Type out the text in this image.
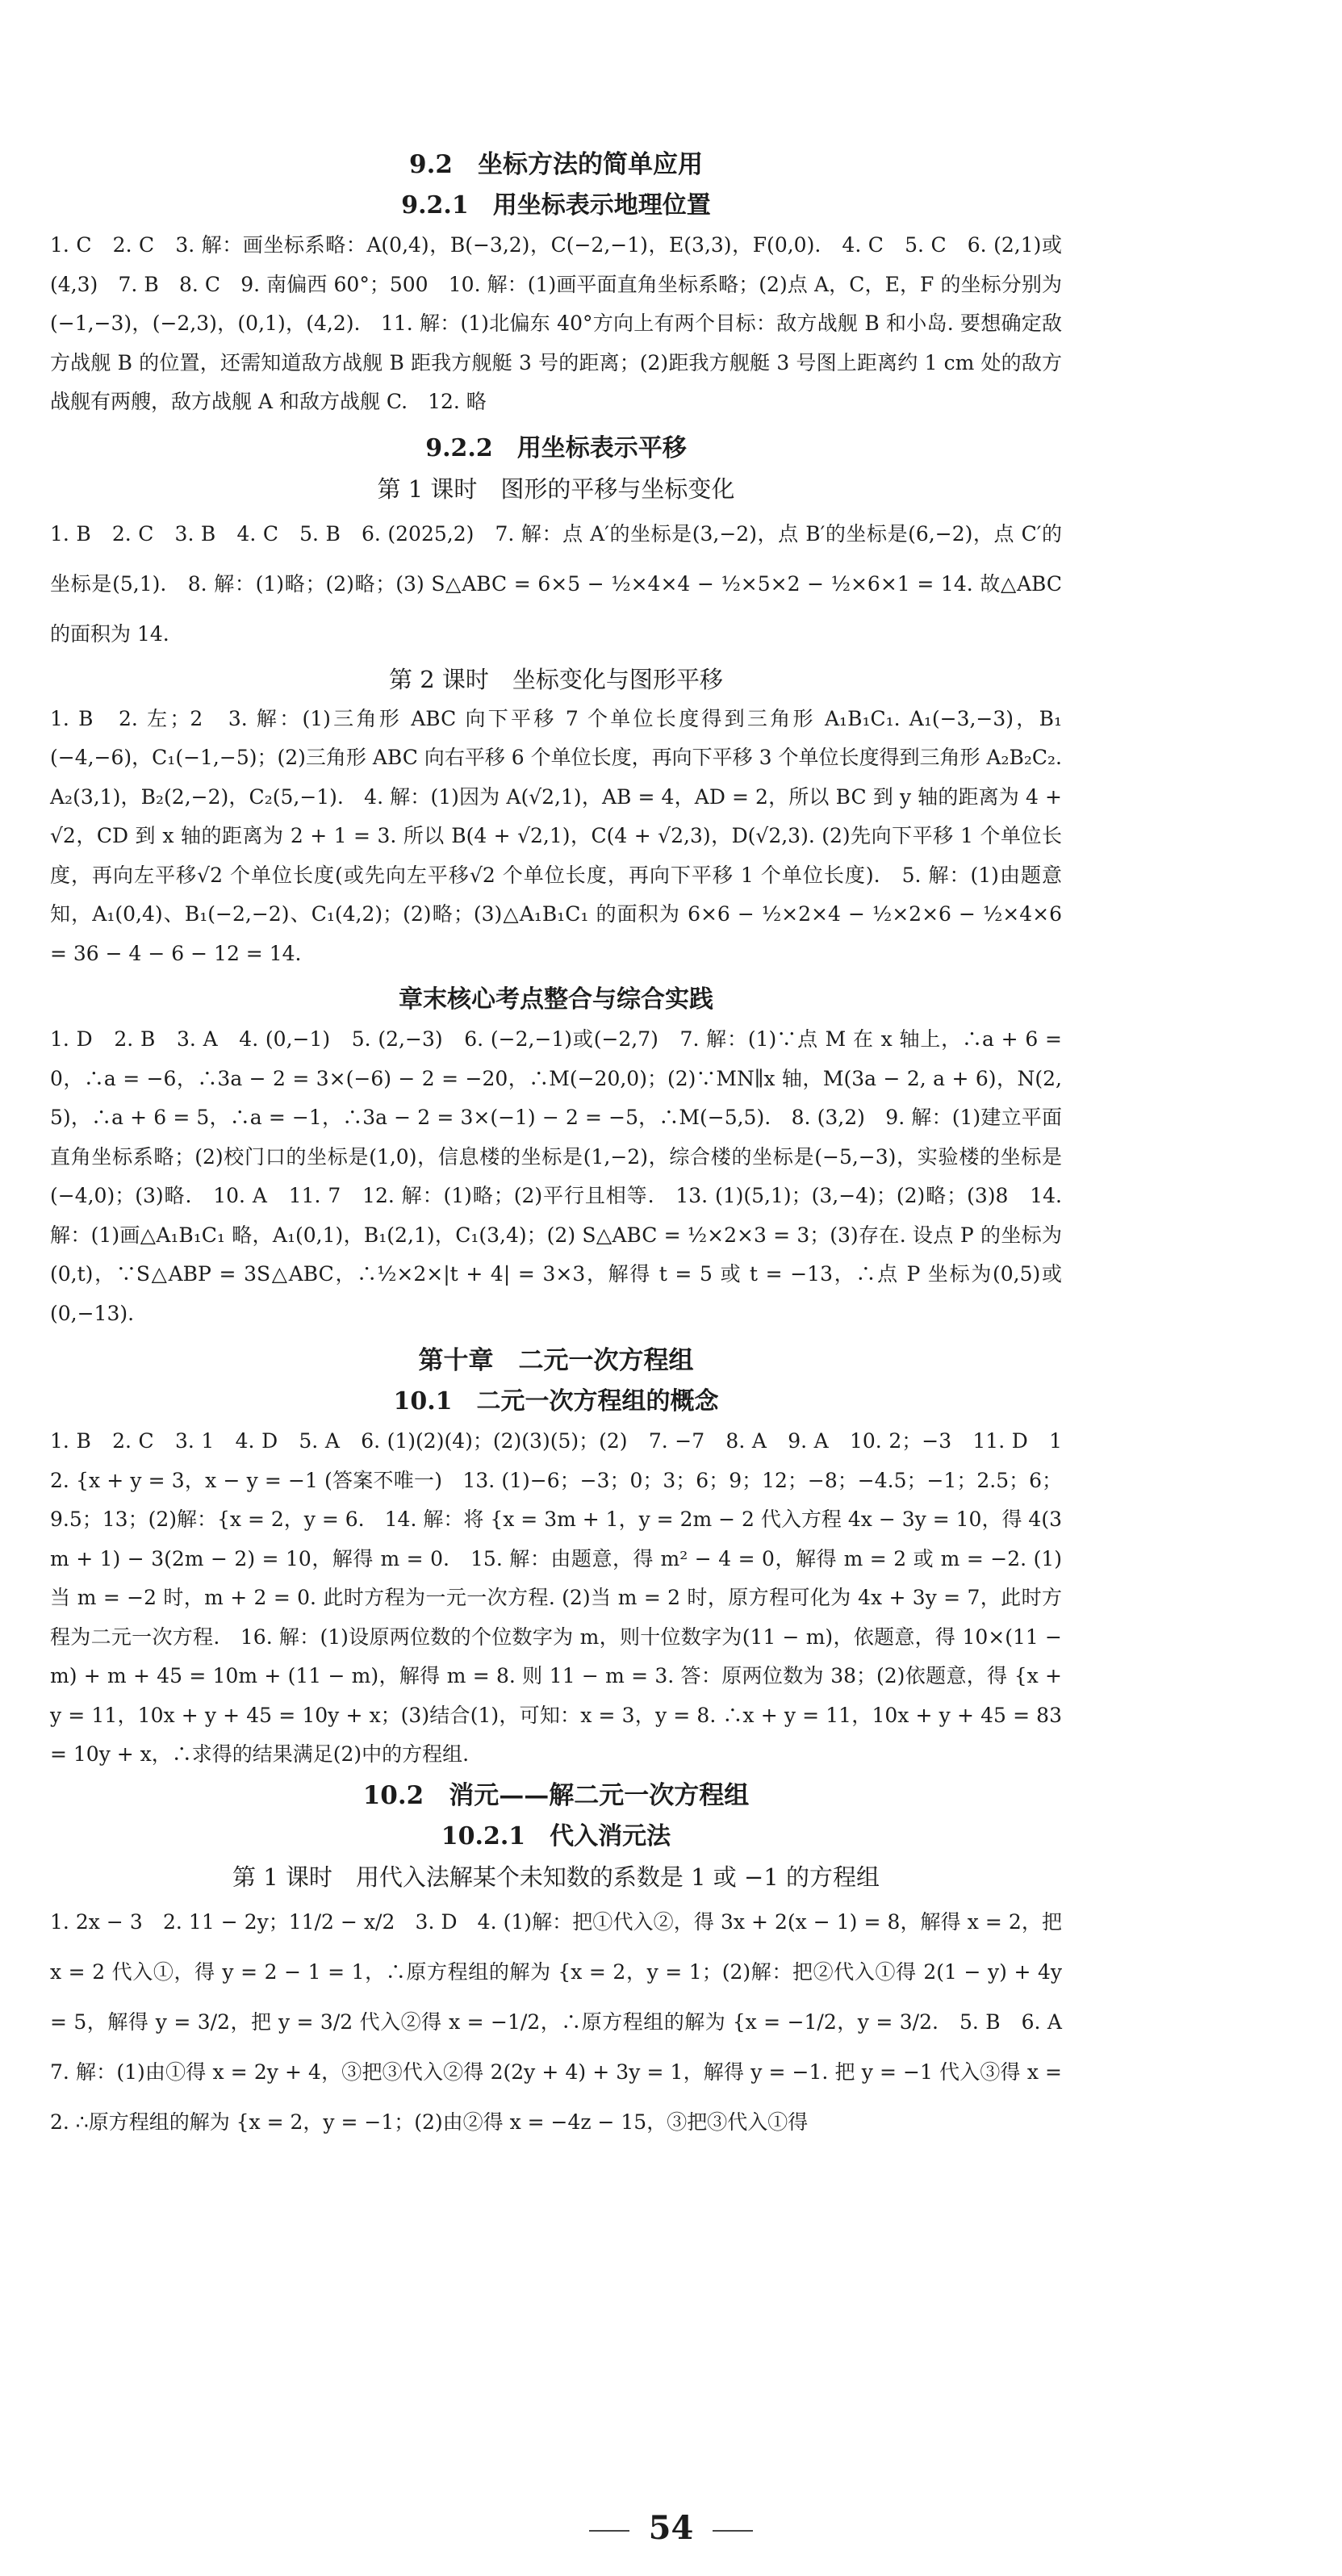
9.2　坐标方法的简单应用
9.2.1　用坐标表示地理位置
1. C　2. C　3. 解：画坐标系略：A(0,4)，B(−3,2)，C(−2,−1)，E(3,3)，F(0,0).　4. C　5. C　6. (2,1)或(4,3)　7. B　8. C　9. 南偏西 60°；500　10. 解：(1)画平面直角坐标系略；(2)点 A，C，E，F 的坐标分别为(−1,−3)，(−2,3)，(0,1)，(4,2).　11. 解：(1)北偏东 40°方向上有两个目标：敌方战舰 B 和小岛. 要想确定敌方战舰 B 的位置，还需知道敌方战舰 B 距我方舰艇 3 号的距离；(2)距我方舰艇 3 号图上距离约 1 cm 处的敌方战舰有两艘，敌方战舰 A 和敌方战舰 C.　12. 略
9.2.2　用坐标表示平移
第 1 课时　图形的平移与坐标变化
1. B　2. C　3. B　4. C　5. B　6. (2025,2)　7. 解：点 A′的坐标是(3,−2)，点 B′的坐标是(6,−2)，点 C′的坐标是(5,1).　8. 解：(1)略；(2)略；(3) S△ABC = 6×5 − ½×4×4 − ½×5×2 − ½×6×1 = 14. 故△ABC 的面积为 14.
第 2 课时　坐标变化与图形平移
1. B　2. 左；2　3. 解：(1)三角形 ABC 向下平移 7 个单位长度得到三角形 A₁B₁C₁. A₁(−3,−3)，B₁(−4,−6)，C₁(−1,−5)；(2)三角形 ABC 向右平移 6 个单位长度，再向下平移 3 个单位长度得到三角形 A₂B₂C₂. A₂(3,1)，B₂(2,−2)，C₂(5,−1).　4. 解：(1)因为 A(√2,1)，AB = 4，AD = 2，所以 BC 到 y 轴的距离为 4 + √2，CD 到 x 轴的距离为 2 + 1 = 3. 所以 B(4 + √2,1)，C(4 + √2,3)，D(√2,3). (2)先向下平移 1 个单位长度，再向左平移√2 个单位长度(或先向左平移√2 个单位长度，再向下平移 1 个单位长度).　5. 解：(1)由题意知，A₁(0,4)、B₁(−2,−2)、C₁(4,2)；(2)略；(3)△A₁B₁C₁ 的面积为 6×6 − ½×2×4 − ½×2×6 − ½×4×6 = 36 − 4 − 6 − 12 = 14.
章末核心考点整合与综合实践
1. D　2. B　3. A　4. (0,−1)　5. (2,−3)　6. (−2,−1)或(−2,7)　7. 解：(1)∵点 M 在 x 轴上，∴a + 6 = 0，∴a = −6，∴3a − 2 = 3×(−6) − 2 = −20，∴M(−20,0)；(2)∵MN∥x 轴，M(3a − 2, a + 6)，N(2,5)，∴a + 6 = 5，∴a = −1，∴3a − 2 = 3×(−1) − 2 = −5，∴M(−5,5).　8. (3,2)　9. 解：(1)建立平面直角坐标系略；(2)校门口的坐标是(1,0)，信息楼的坐标是(1,−2)，综合楼的坐标是(−5,−3)，实验楼的坐标是(−4,0)；(3)略.　10. A　11. 7　12. 解：(1)略；(2)平行且相等.　13. (1)(5,1)；(3,−4)；(2)略；(3)8　14. 解：(1)画△A₁B₁C₁ 略，A₁(0,1)，B₁(2,1)，C₁(3,4)；(2) S△ABC = ½×2×3 = 3；(3)存在. 设点 P 的坐标为(0,t)，∵S△ABP = 3S△ABC，∴½×2×|t + 4| = 3×3，解得 t = 5 或 t = −13，∴点 P 坐标为(0,5)或(0,−13).
第十章　二元一次方程组
10.1　二元一次方程组的概念
1. B　2. C　3. 1　4. D　5. A　6. (1)(2)(4)；(2)(3)(5)；(2)　7. −7　8. A　9. A　10. 2；−3　11. D　12. {x + y = 3，x − y = −1 (答案不唯一)　13. (1)−6；−3；0；3；6；9；12；−8；−4.5；−1；2.5；6；9.5；13；(2)解：{x = 2，y = 6.　14. 解：将 {x = 3m + 1，y = 2m − 2 代入方程 4x − 3y = 10，得 4(3m + 1) − 3(2m − 2) = 10，解得 m = 0.　15. 解：由题意，得 m² − 4 = 0，解得 m = 2 或 m = −2. (1)当 m = −2 时，m + 2 = 0. 此时方程为一元一次方程. (2)当 m = 2 时，原方程可化为 4x + 3y = 7，此时方程为二元一次方程.　16. 解：(1)设原两位数的个位数字为 m，则十位数字为(11 − m)，依题意，得 10×(11 − m) + m + 45 = 10m + (11 − m)，解得 m = 8. 则 11 − m = 3. 答：原两位数为 38；(2)依题意，得 {x + y = 11，10x + y + 45 = 10y + x；(3)结合(1)，可知：x = 3，y = 8. ∴x + y = 11，10x + y + 45 = 83 = 10y + x，∴求得的结果满足(2)中的方程组.
10.2　消元——解二元一次方程组
10.2.1　代入消元法
第 1 课时　用代入法解某个未知数的系数是 1 或 −1 的方程组
1. 2x − 3　2. 11 − 2y；11/2 − x/2　3. D　4. (1)解：把①代入②，得 3x + 2(x − 1) = 8，解得 x = 2，把 x = 2 代入①，得 y = 2 − 1 = 1，∴原方程组的解为 {x = 2，y = 1；(2)解：把②代入①得 2(1 − y) + 4y = 5，解得 y = 3/2，把 y = 3/2 代入②得 x = −1/2，∴原方程组的解为 {x = −1/2，y = 3/2.　5. B　6. A　7. 解：(1)由①得 x = 2y + 4，③把③代入②得 2(2y + 4) + 3y = 1，解得 y = −1. 把 y = −1 代入③得 x = 2. ∴原方程组的解为 {x = 2，y = −1；(2)由②得 x = −4z − 15，③把③代入①得
54
